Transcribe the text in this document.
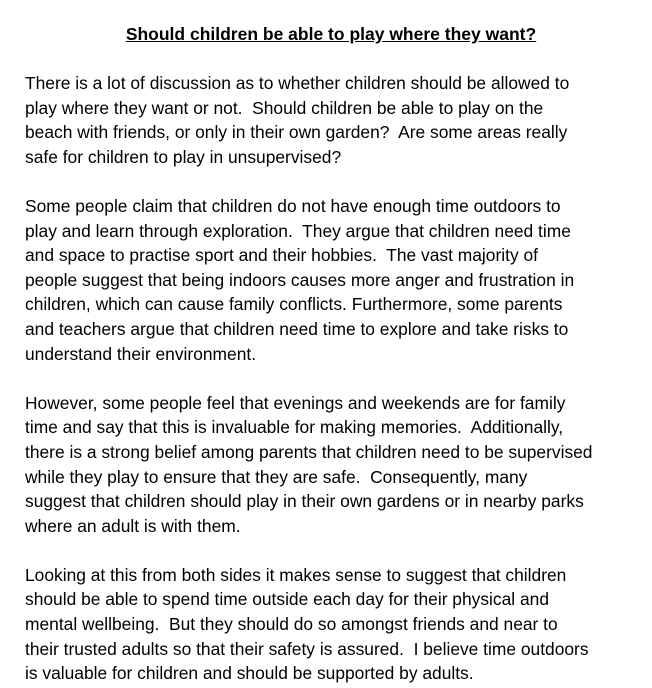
Should children be able to play where they want?

There is a lot of discussion as to whether children should be allowed to
play where they want or not.  Should children be able to play on the
beach with friends, or only in their own garden?  Are some areas really
safe for children to play in unsupervised?

Some people claim that children do not have enough time outdoors to
play and learn through exploration.  They argue that children need time
and space to practise sport and their hobbies.  The vast majority of
people suggest that being indoors causes more anger and frustration in
children, which can cause family conflicts. Furthermore, some parents
and teachers argue that children need time to explore and take risks to
understand their environment.

However, some people feel that evenings and weekends are for family
time and say that this is invaluable for making memories.  Additionally,
there is a strong belief among parents that children need to be supervised
while they play to ensure that they are safe.  Consequently, many
suggest that children should play in their own gardens or in nearby parks
where an adult is with them.

Looking at this from both sides it makes sense to suggest that children
should be able to spend time outside each day for their physical and
mental wellbeing.  But they should do so amongst friends and near to
their trusted adults so that their safety is assured.  I believe time outdoors
is valuable for children and should be supported by adults.
